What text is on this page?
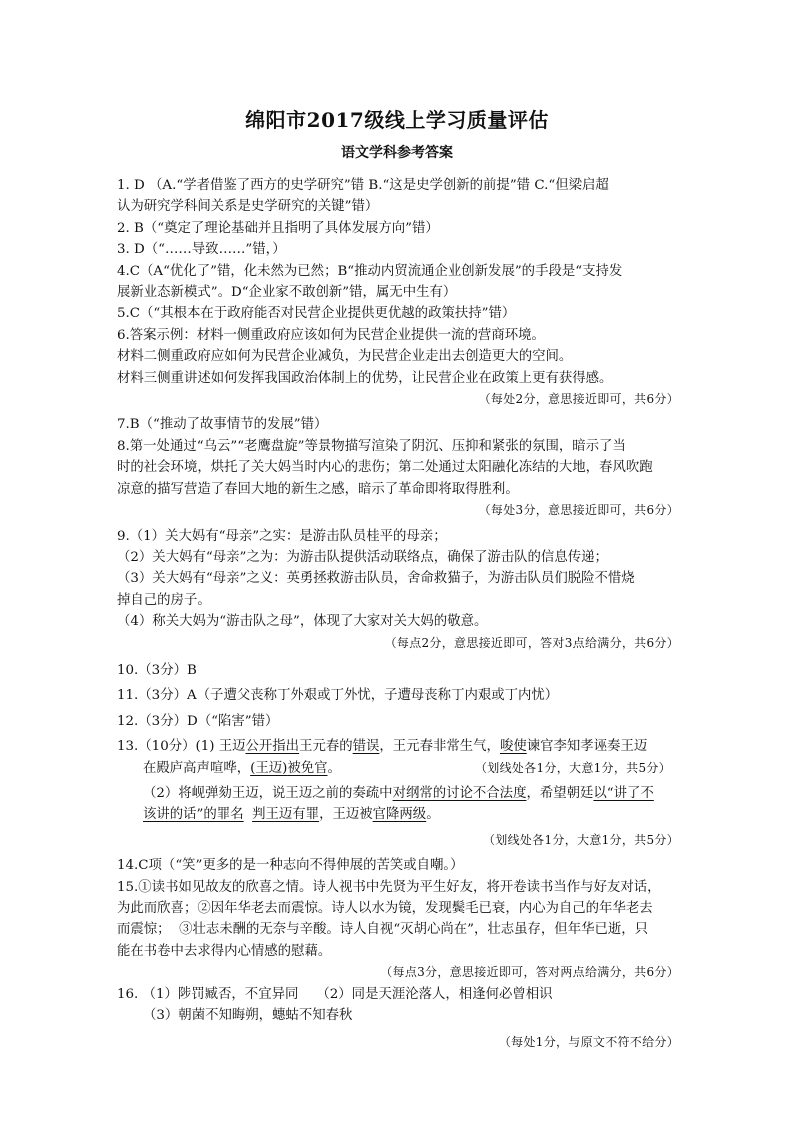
绵阳市2017级线上学习质量评估
语文学科参考答案

1. D （A.“学者借鉴了西方的史学研究”错 B.“这是史学创新的前提”错 C.“但梁启超

认为研究学科间关系是史学研究的关键”错）

2. B（“奠定了理论基础并且指明了具体发展方向”错）

3. D（“……导致……”错，）

4.C（A“优化了”错，化未然为已然；B“推动内贸流通企业创新发展”的手段是“支持发

展新业态新模式”。D“企业家不敢创新”错，属无中生有）

5.C（“其根本在于政府能否对民营企业提供更优越的政策扶持”错）

6.答案示例：材料一侧重政府应该如何为民营企业提供一流的营商环境。

材料二侧重政府应如何为民营企业减负，为民营企业走出去创造更大的空间。

材料三侧重讲述如何发挥我国政治体制上的优势，让民营企业在政策上更有获得感。

（每处2分，意思接近即可，共6分）

7.B（“推动了故事情节的发展”错）

8.第一处通过“乌云”“老鹰盘旋”等景物描写渲染了阴沉、压抑和紧张的氛围，暗示了当

时的社会环境，烘托了关大妈当时内心的悲伤；第二处通过太阳融化冻结的大地，春风吹跑

凉意的描写营造了春回大地的新生之感，暗示了革命即将取得胜利。

（每处3分，意思接近即可，共6分）

9.（1）关大妈有“母亲”之实：是游击队员桂平的母亲；

（2）关大妈有“母亲”之为：为游击队提供活动联络点，确保了游击队的信息传递；

（3）关大妈有“母亲”之义：英勇拯救游击队员，舍命救猫子，为游击队员们脱险不惜烧

掉自己的房子。

（4）称关大妈为“游击队之母”，体现了大家对关大妈的敬意。

（每点2分，意思接近即可，答对3点给满分，共6分）

10.（3分）B

11.（3分）A（子遭父丧称丁外艰或丁外忧，子遭母丧称丁内艰或丁内忧）

12.（3分）D（“陷害”错）

13.（10分）(1) 王迈公开指出王元春的错误，王元春非常生气，唆使谏官李知孝诬奏王迈

在殿庐高声喧哗，(王迈)被免官。	（划线处各1分，大意1分，共5分）

（2）将岘弹劾王迈，说王迈之前的奏疏中对纲常的讨论不合法度，希望朝廷以“讲了不

该讲的话”的罪名 判王迈有罪，王迈被官降两级。

（划线处各1分，大意1分，共5分）

14.C项（“笑”更多的是一种志向不得伸展的苦笑或自嘲。）

15.①读书如见故友的欣喜之情。诗人视书中先贤为平生好友，将开卷读书当作与好友对话，

为此而欣喜；②因年华老去而震惊。诗人以水为镜，发现鬓毛已衰，内心为自己的年华老去

而震惊；  ③壮志未酬的无奈与辛酸。诗人自视“灭胡心尚在”，壮志虽存，但年华已逝，只

能在书卷中去求得内心情感的慰藉。

（每点3分，意思接近即可，答对两点给满分，共6分）

16. （1）陟罚臧否，不宜异同 （2）同是天涯沦落人，相逢何必曾相识

（3）朝菌不知晦朔，蟪蛄不知春秋

（每处1分，与原文不符不给分）
